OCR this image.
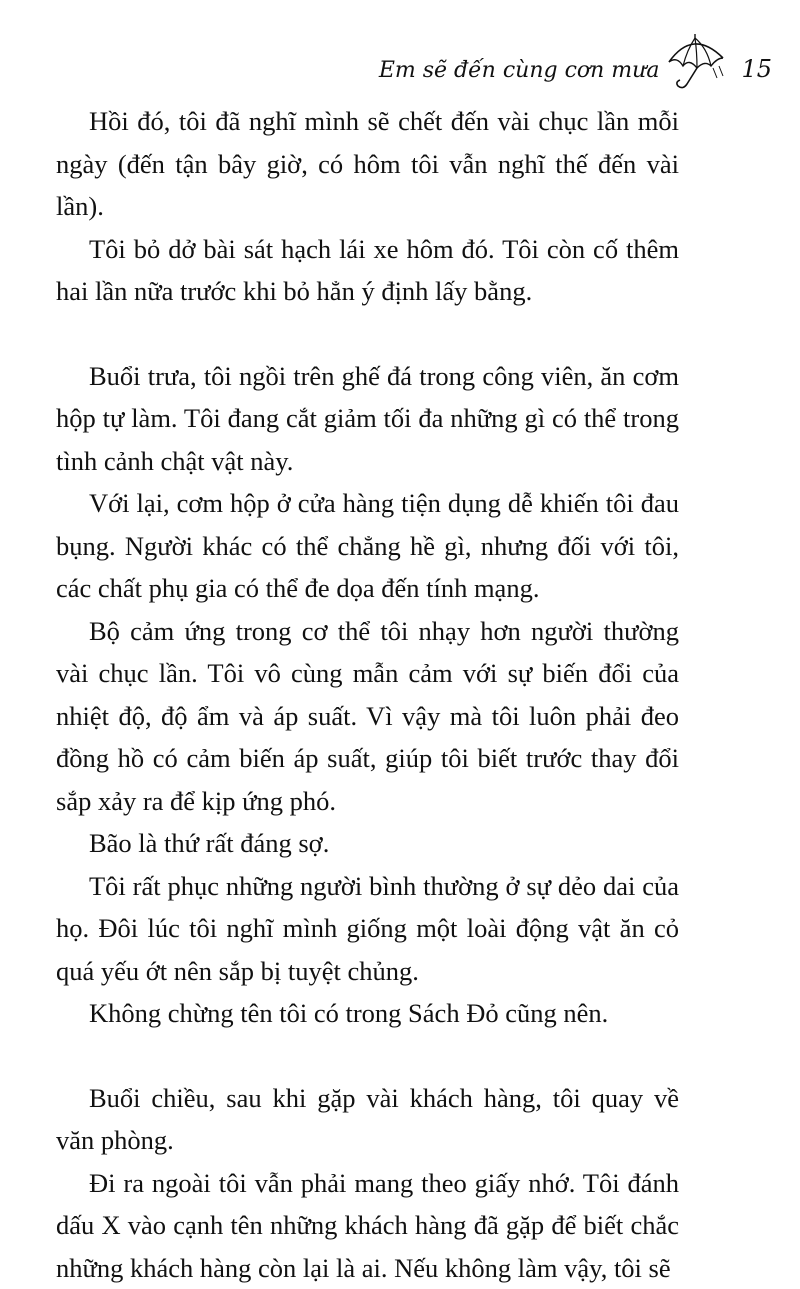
Em sẽ đến cùng cơn mưa	15

Hồi đó, tôi đã nghĩ mình sẽ chết đến vài chục lần mỗi ngày (đến tận bây giờ, có hôm tôi vẫn nghĩ thế đến vài lần).

Tôi bỏ dở bài sát hạch lái xe hôm đó. Tôi còn cố thêm hai lần nữa trước khi bỏ hẳn ý định lấy bằng.

Buổi trưa, tôi ngồi trên ghế đá trong công viên, ăn cơm hộp tự làm. Tôi đang cắt giảm tối đa những gì có thể trong tình cảnh chật vật này.

Với lại, cơm hộp ở cửa hàng tiện dụng dễ khiến tôi đau bụng. Người khác có thể chẳng hề gì, nhưng đối với tôi, các chất phụ gia có thể đe dọa đến tính mạng.

Bộ cảm ứng trong cơ thể tôi nhạy hơn người thường vài chục lần. Tôi vô cùng mẫn cảm với sự biến đổi của nhiệt độ, độ ẩm và áp suất. Vì vậy mà tôi luôn phải đeo đồng hồ có cảm biến áp suất, giúp tôi biết trước thay đổi sắp xảy ra để kịp ứng phó.

Bão là thứ rất đáng sợ.

Tôi rất phục những người bình thường ở sự dẻo dai của họ. Đôi lúc tôi nghĩ mình giống một loài động vật ăn cỏ quá yếu ớt nên sắp bị tuyệt chủng.

Không chừng tên tôi có trong Sách Đỏ cũng nên.

Buổi chiều, sau khi gặp vài khách hàng, tôi quay về văn phòng.

Đi ra ngoài tôi vẫn phải mang theo giấy nhớ. Tôi đánh dấu X vào cạnh tên những khách hàng đã gặp để biết chắc những khách hàng còn lại là ai. Nếu không làm vậy, tôi sẽ
